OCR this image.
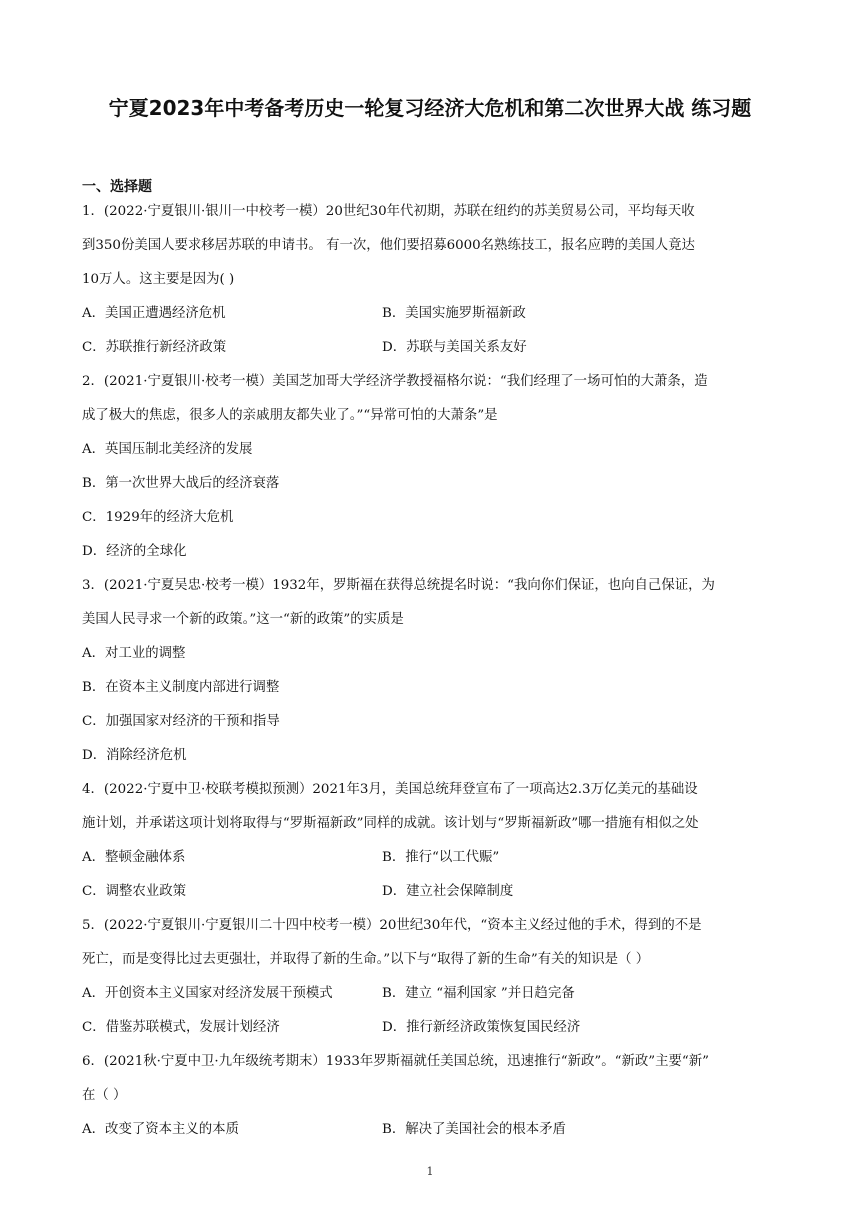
宁夏2023年中考备考历史一轮复习经济大危机和第二次世界大战 练习题
一、选择题
1．(2022·宁夏银川·银川一中校考一模）20世纪30年代初期，苏联在纽约的苏美贸易公司，平均每天收
到350份美国人要求移居苏联的申请书。 有一次，他们要招募6000名熟练技工，报名应聘的美国人竟达
10万人。这主要是因为( )
A．美国正遭遇经济危机	B．美国实施罗斯福新政
C．苏联推行新经济政策	D．苏联与美国关系友好
2．(2021·宁夏银川·校考一模）美国芝加哥大学经济学教授福格尔说：“我们经理了一场可怕的大萧条，造
成了极大的焦虑，很多人的亲戚朋友都失业了。”“异常可怕的大萧条”是
A．英国压制北美经济的发展
B．第一次世界大战后的经济衰落
C．1929年的经济大危机
D．经济的全球化
3．(2021·宁夏吴忠·校考一模）1932年，罗斯福在获得总统提名时说：“我向你们保证，也向自己保证，为
美国人民寻求一个新的政策。”这一“新的政策”的实质是
A．对工业的调整
B．在资本主义制度内部进行调整
C．加强国家对经济的干预和指导
D．消除经济危机
4．(2022·宁夏中卫·校联考模拟预测）2021年3月，美国总统拜登宣布了一项高达2.3万亿美元的基础设
施计划，并承诺这项计划将取得与“罗斯福新政”同样的成就。该计划与“罗斯福新政”哪一措施有相似之处
A．整顿金融体系	B．推行“以工代赈”
C．调整农业政策	D．建立社会保障制度
5．(2022·宁夏银川·宁夏银川二十四中校考一模）20世纪30年代，“资本主义经过他的手术，得到的不是
死亡，而是变得比过去更强壮，并取得了新的生命。”以下与“取得了新的生命”有关的知识是（ ）
A．开创资本主义国家对经济发展干预模式	B．建立 “福利国家 ”并日趋完备
C．借鉴苏联模式，发展计划经济	D．推行新经济政策恢复国民经济
6．(2021秋·宁夏中卫·九年级统考期末）1933年罗斯福就任美国总统，迅速推行“新政”。“新政”主要“新”
在（ ）
A．改变了资本主义的本质	B．解决了美国社会的根本矛盾
1
